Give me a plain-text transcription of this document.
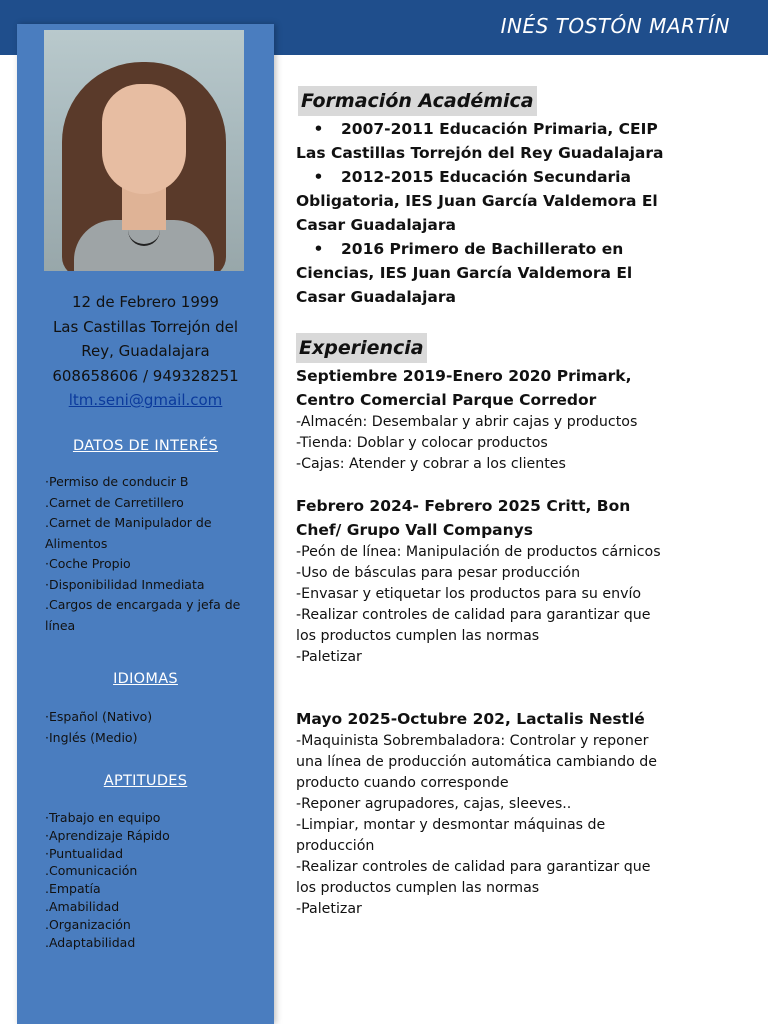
INÉS TOSTÓN MARTÍN
12 de Febrero 1999
Las Castillas Torrejón del
Rey, Guadalajara
608658606 / 949328251
ltm.seni@gmail.com
DATOS DE INTERÉS
·Permiso de conducir B
.Carnet de Carretillero
.Carnet de Manipulador de Alimentos
·Coche Propio
·Disponibilidad Inmediata
.Cargos de encargada y jefa de línea
IDIOMAS
·Español (Nativo)
·Inglés (Medio)
APTITUDES
·Trabajo en equipo
·Aprendizaje Rápido
·Puntualidad
.Comunicación
.Empatía
.Amabilidad
.Organización
.Adaptabilidad
Formación Académica
• 2007-2011 Educación Primaria, CEIP
Las Castillas Torrejón del Rey Guadalajara
• 2012-2015 Educación Secundaria
Obligatoria, IES Juan García Valdemora El Casar Guadalajara
• 2016 Primero de Bachillerato en
Ciencias, IES Juan García Valdemora El Casar Guadalajara
Experiencia
Septiembre 2019-Enero 2020 Primark, Centro Comercial Parque Corredor
-Almacén: Desembalar y abrir cajas y productos
-Tienda: Doblar y colocar productos
-Cajas: Atender y cobrar a los clientes
Febrero 2024- Febrero 2025 Critt, Bon Chef/ Grupo Vall Companys
-Peón de línea: Manipulación de productos cárnicos
-Uso de básculas para pesar producción
-Envasar y etiquetar los productos para su envío
-Realizar controles de calidad para garantizar que los productos cumplen las normas
-Paletizar
Mayo 2025-Octubre 202, Lactalis Nestlé
-Maquinista Sobrembaladora: Controlar y reponer una línea de producción automática cambiando de producto cuando corresponde
-Reponer agrupadores, cajas, sleeves..
-Limpiar, montar y desmontar máquinas de producción
-Realizar controles de calidad para garantizar que los productos cumplen las normas
-Paletizar
